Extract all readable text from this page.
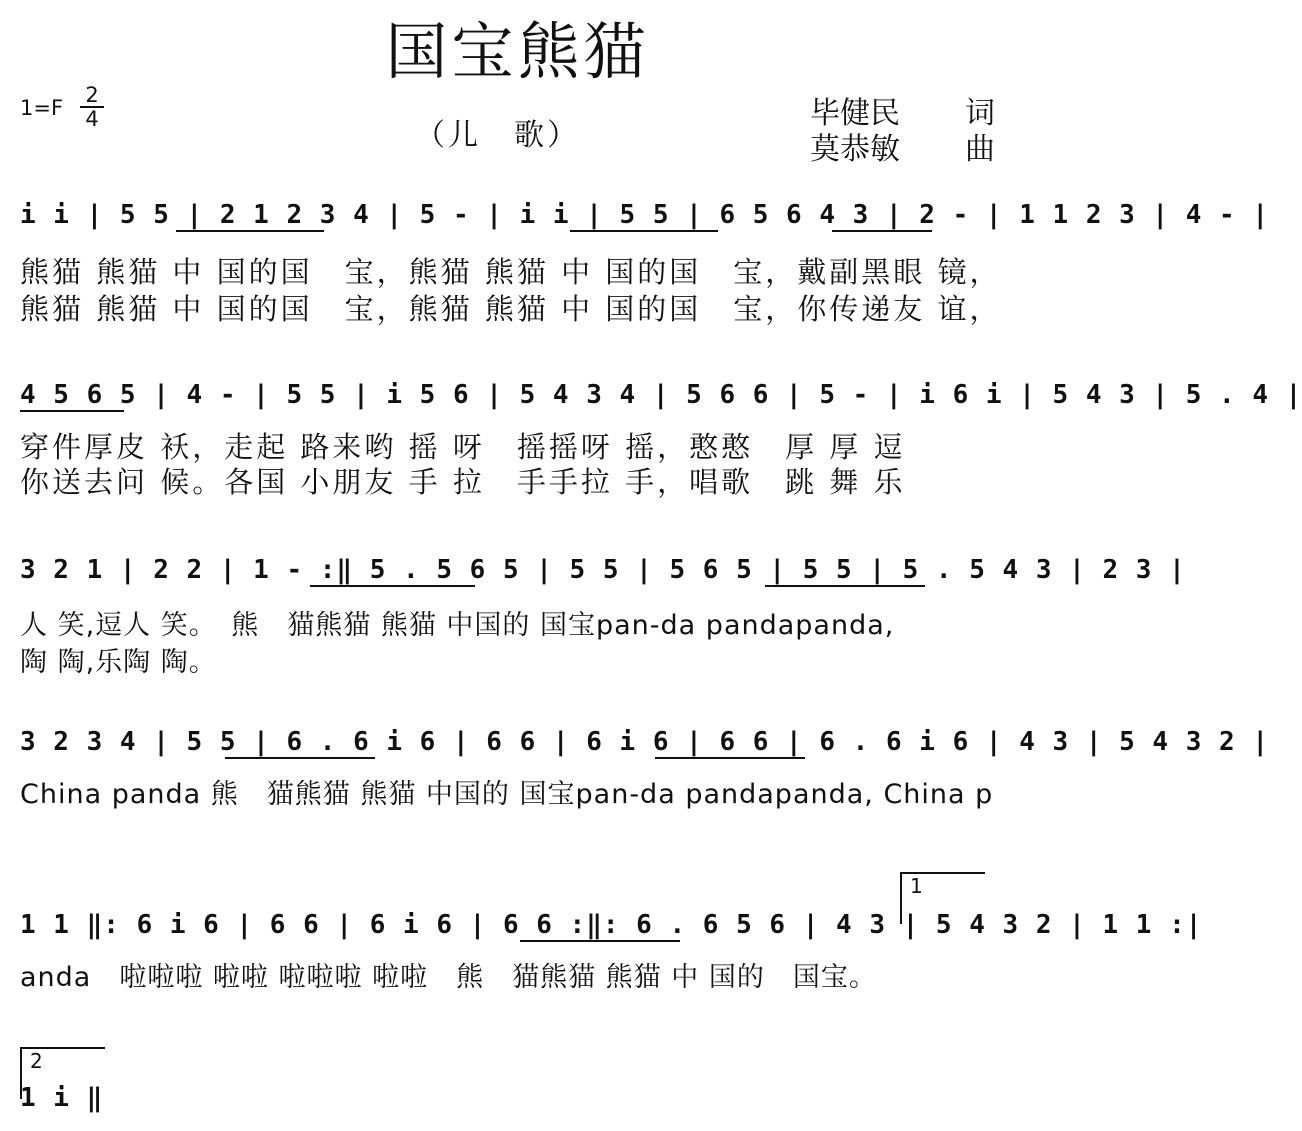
国宝熊猫
1=F
2
4	（儿　歌）
毕健民 词
莫恭敏 曲
i i | 5 5 | 2 1 2 3 4 | 5 - | i i | 5 5 | 6 5 6 4 3 | 2 - | 1 1 2 3 | 4 - |
熊猫 熊猫 中 国的国　宝，熊猫 熊猫 中 国的国　宝，戴副黑眼 镜，
熊猫 熊猫 中 国的国　宝，熊猫 熊猫 中 国的国　宝，你传递友 谊，
4 5 6 5 | 4 - | 5 5 | i 5 6 | 5 4 3 4 | 5 6 6 | 5 - | i 6 i | 5 4 3 | 5 . 4 |
穿件厚皮 袄，走起 路来哟 摇 呀　摇摇呀 摇，憨憨　厚 厚 逗
你送去问 候。各国 小朋友 手 拉　手手拉 手，唱歌　跳 舞 乐
3 2 1 | 2 2 | 1 - :‖ 5 . 5 6 5 | 5 5 | 5 6 5 | 5 5 | 5 . 5 4 3 | 2 3 |
人 笑,逗人 笑。　熊　猫熊猫 熊猫 中国的 国宝pan-da pandapanda,
陶 陶,乐陶 陶。
3 2 3 4 | 5 5 | 6 . 6 i 6 | 6 6 | 6 i 6 | 6 6 | 6 . 6 i 6 | 4 3 | 5 4 3 2 |
China panda 熊　猫熊猫 熊猫 中国的 国宝pan-da pandapanda, China p
1
1 1 ‖: 6 i 6 | 6 6 | 6 i 6 | 6 6 :‖: 6 . 6 5 6 | 4 3 | 5 4 3 2 | 1 1 :|
anda　啦啦啦 啦啦 啦啦啦 啦啦　熊　猫熊猫 熊猫 中 国的　国宝。
2
1 i ‖
